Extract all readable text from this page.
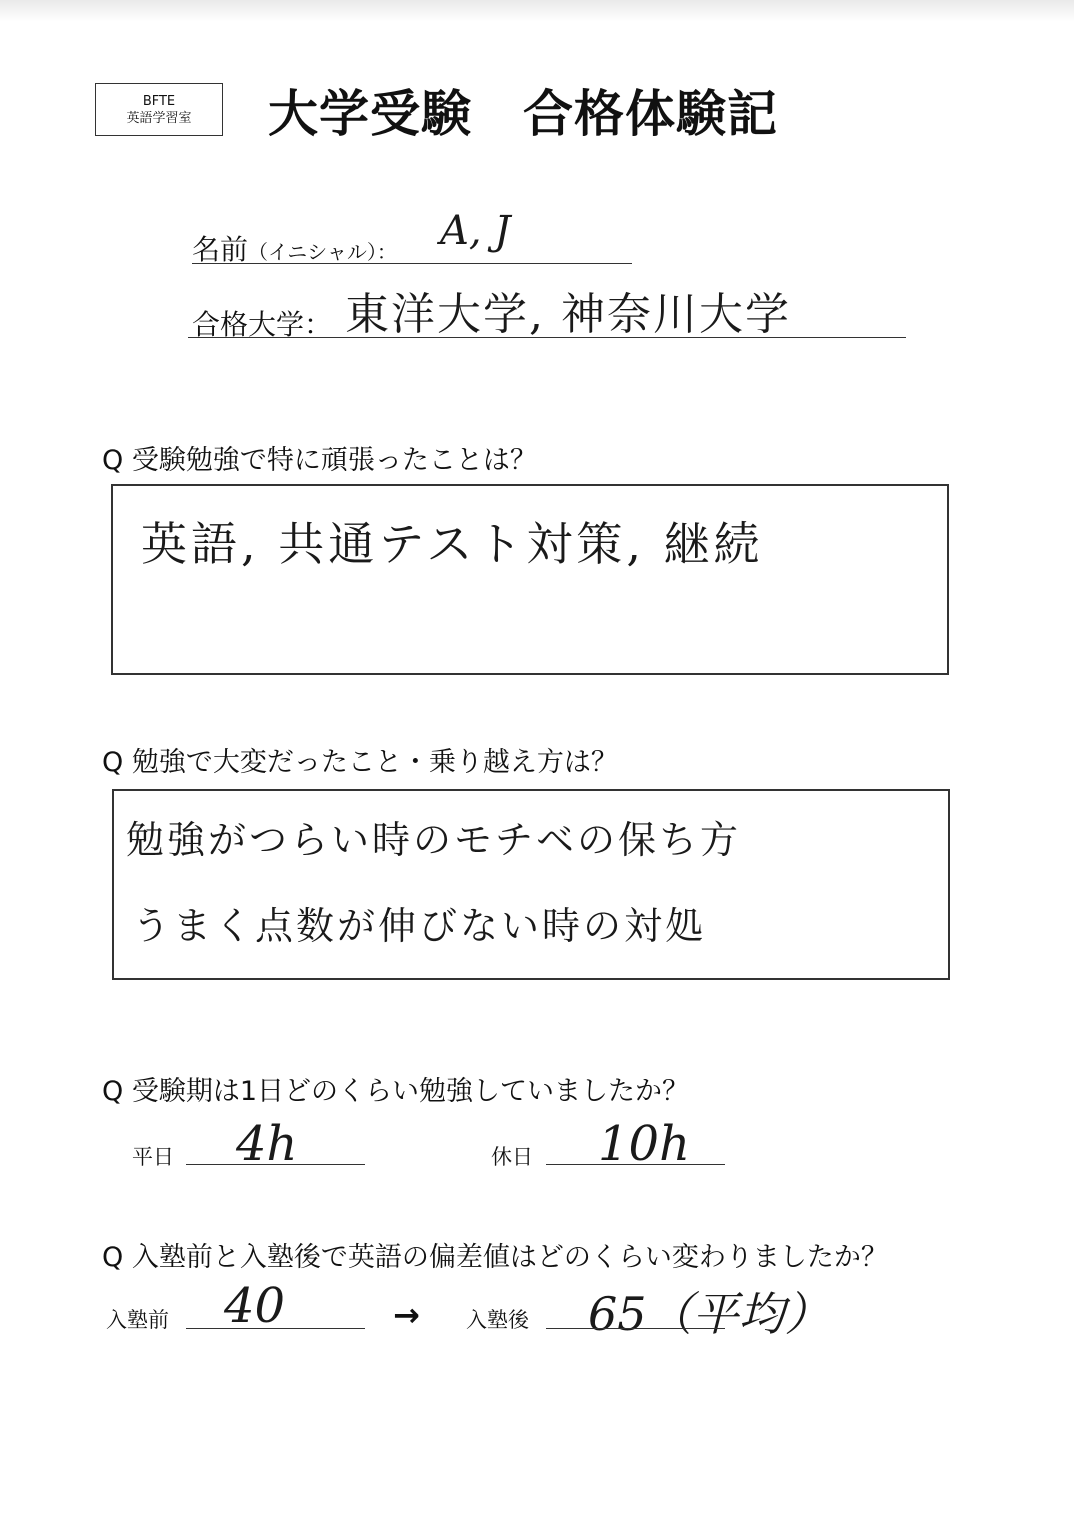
BFTE
英語学習室 大学受験　合格体験記
名前（イニシャル）： A, J
合格大学： 東洋大学, 神奈川大学
Q 受験勉強で特に頑張ったことは？
英語, 共通テスト対策, 継続
Q 勉強で大変だったこと・乗り越え方は？
勉強がつらい時のモチベの保ち方
うまく点数が伸びない時の対処
Q 受験期は1日どのくらい勉強していましたか？
平日 4h	休日 10h
Q 入塾前と入塾後で英語の偏差値はどのくらい変わりましたか？
入塾前 40	→ 入塾後 65（平均）
